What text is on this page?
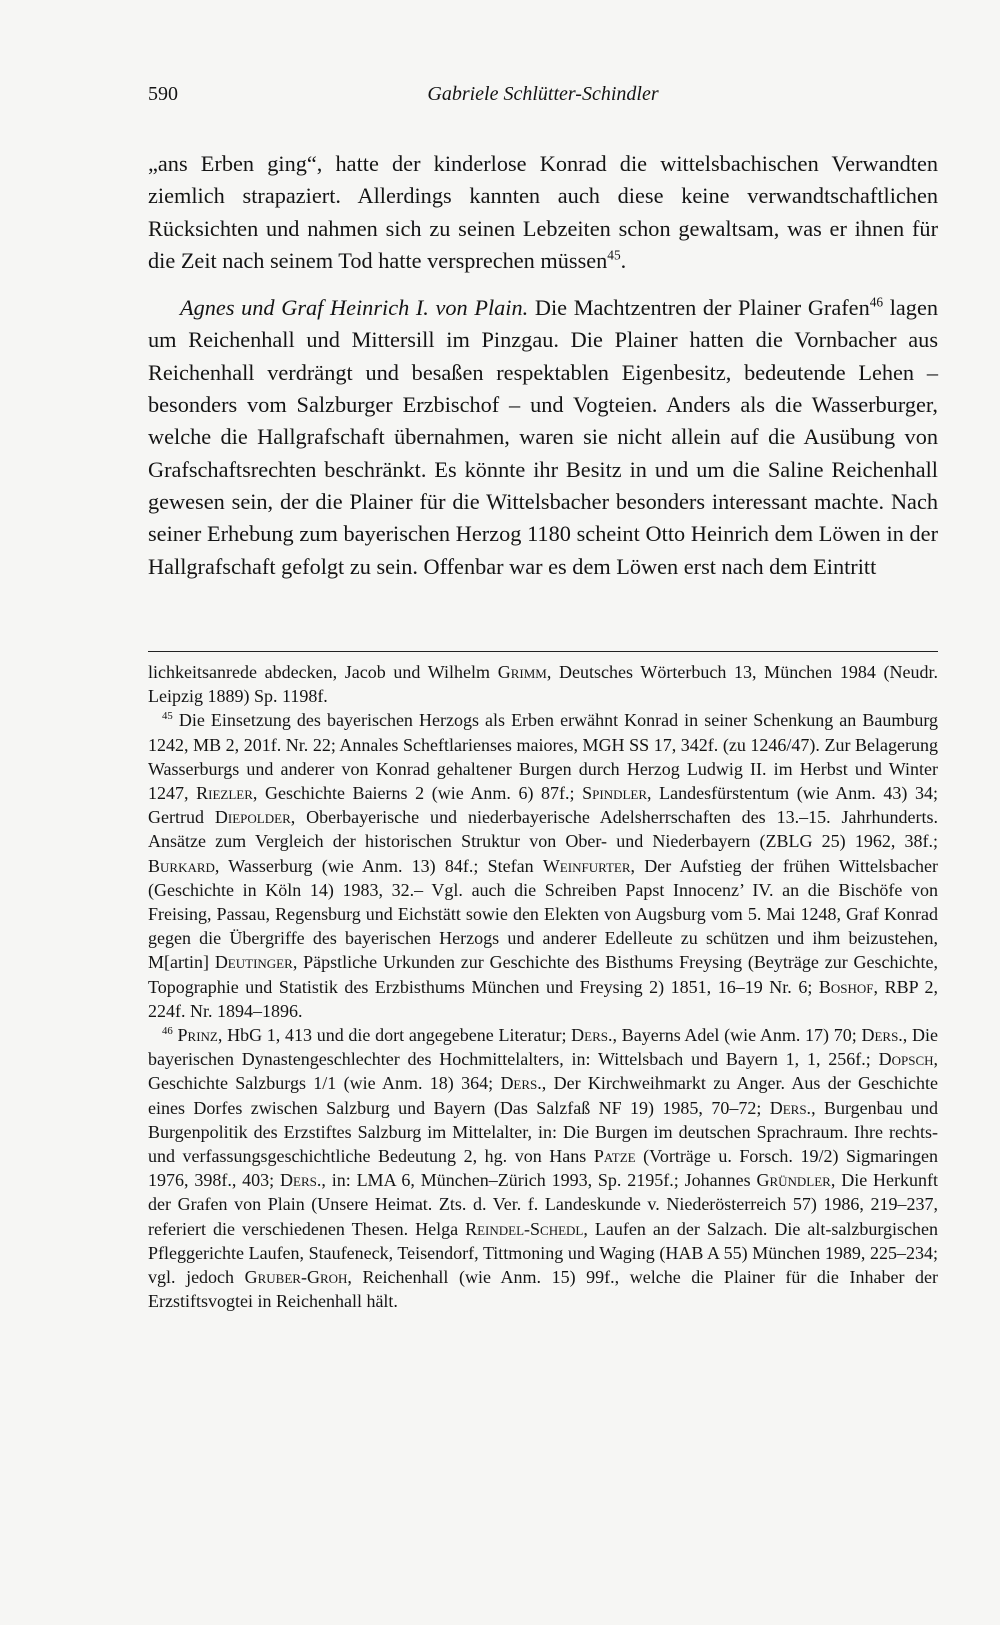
590	Gabriele Schlütter-Schindler

„ans Erben ging“, hatte der kinderlose Konrad die wittelsbachischen Verwandten ziemlich strapaziert. Allerdings kannten auch diese keine verwandtschaftlichen Rücksichten und nahmen sich zu seinen Lebzeiten schon gewaltsam, was er ihnen für die Zeit nach seinem Tod hatte versprechen müssen$^{45}$.

Agnes und Graf Heinrich I. von Plain. Die Machtzentren der Plainer Grafen$^{46}$ lagen um Reichenhall und Mittersill im Pinzgau. Die Plainer hatten die Vornbacher aus Reichenhall verdrängt und besaßen respektablen Eigenbesitz, bedeutende Lehen – besonders vom Salzburger Erzbischof – und Vogteien. Anders als die Wasserburger, welche die Hallgrafschaft übernahmen, waren sie nicht allein auf die Ausübung von Grafschaftsrechten beschränkt. Es könnte ihr Besitz in und um die Saline Reichenhall gewesen sein, der die Plainer für die Wittelsbacher besonders interessant machte. Nach seiner Erhebung zum bayerischen Herzog 1180 scheint Otto Heinrich dem Löwen in der Hallgrafschaft gefolgt zu sein. Offenbar war es dem Löwen erst nach dem Eintritt

lichkeitsanrede abdecken, Jacob und Wilhelm Grimm, Deutsches Wörterbuch 13, München 1984 (Neudr. Leipzig 1889) Sp. 1198f.

$^{45}$ Die Einsetzung des bayerischen Herzogs als Erben erwähnt Konrad in seiner Schenkung an Baumburg 1242, MB 2, 201f. Nr. 22; Annales Scheftlarienses maiores, MGH SS 17, 342f. (zu 1246/47). Zur Belagerung Wasserburgs und anderer von Konrad gehaltener Burgen durch Herzog Ludwig II. im Herbst und Winter 1247, Riezler, Geschichte Baierns 2 (wie Anm. 6) 87f.; Spindler, Landesfürstentum (wie Anm. 43) 34; Gertrud Diepolder, Oberbayerische und niederbayerische Adelsherrschaften des 13.–15. Jahrhunderts. Ansätze zum Vergleich der historischen Struktur von Ober- und Niederbayern (ZBLG 25) 1962, 38f.; Burkard, Wasserburg (wie Anm. 13) 84f.; Stefan Weinfurter, Der Aufstieg der frühen Wittelsbacher (Geschichte in Köln 14) 1983, 32.– Vgl. auch die Schreiben Papst Innocenz’ IV. an die Bischöfe von Freising, Passau, Regensburg und Eichstätt sowie den Elekten von Augsburg vom 5. Mai 1248, Graf Konrad gegen die Übergriffe des bayerischen Herzogs und anderer Edelleute zu schützen und ihm beizustehen, M[artin] Deutinger, Päpstliche Urkunden zur Geschichte des Bisthums Freysing (Beyträge zur Geschichte, Topographie und Statistik des Erzbisthums München und Freysing 2) 1851, 16–19 Nr. 6; Boshof, RBP 2, 224f. Nr. 1894–1896.

$^{46}$ Prinz, HbG 1, 413 und die dort angegebene Literatur; Ders., Bayerns Adel (wie Anm. 17) 70; Ders., Die bayerischen Dynastengeschlechter des Hochmittelalters, in: Wittelsbach und Bayern 1, 1, 256f.; Dopsch, Geschichte Salzburgs 1/1 (wie Anm. 18) 364; Ders., Der Kirchweihmarkt zu Anger. Aus der Geschichte eines Dorfes zwischen Salzburg und Bayern (Das Salzfaß NF 19) 1985, 70–72; Ders., Burgenbau und Burgenpolitik des Erzstiftes Salzburg im Mittelalter, in: Die Burgen im deutschen Sprachraum. Ihre rechts- und verfassungsgeschichtliche Bedeutung 2, hg. von Hans Patze (Vorträge u. Forsch. 19/2) Sigmaringen 1976, 398f., 403; Ders., in: LMA 6, München–Zürich 1993, Sp. 2195f.; Johannes Gründler, Die Herkunft der Grafen von Plain (Unsere Heimat. Zts. d. Ver. f. Landeskunde v. Niederösterreich 57) 1986, 219–237, referiert die verschiedenen Thesen. Helga Reindel-Schedl, Laufen an der Salzach. Die alt-salzburgischen Pfleggerichte Laufen, Staufeneck, Teisendorf, Tittmoning und Waging (HAB A 55) München 1989, 225–234; vgl. jedoch Gruber-Groh, Reichenhall (wie Anm. 15) 99f., welche die Plainer für die Inhaber der Erzstiftsvogtei in Reichenhall hält.
